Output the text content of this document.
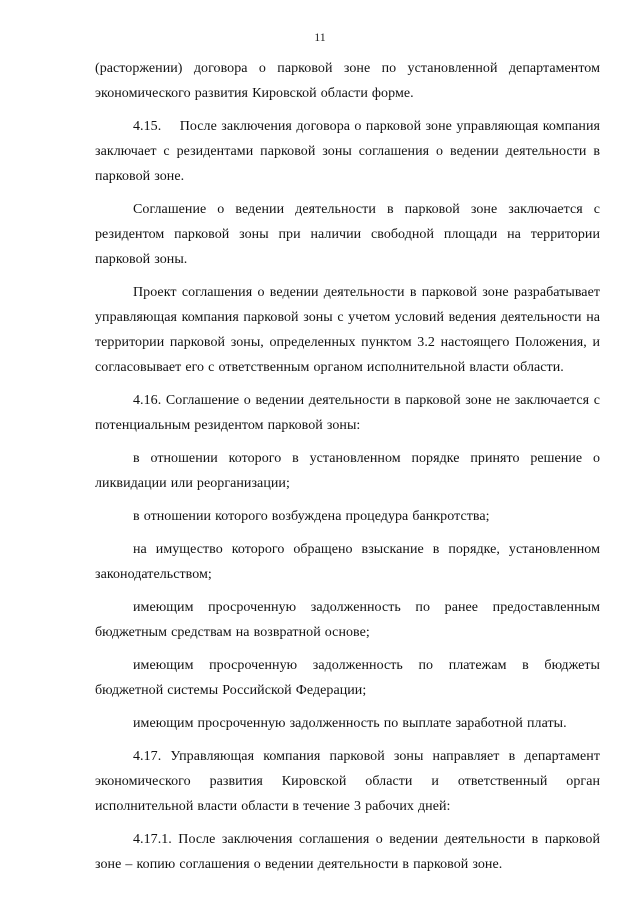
11

(расторжении) договора о парковой зоне по установленной департаментом экономического развития Кировской области форме.

4.15.  После заключения договора о парковой зоне управляющая компания заключает с резидентами парковой зоны соглашения о ведении деятельности в парковой зоне.

Соглашение о ведении деятельности в парковой зоне заключается с резидентом парковой зоны при наличии свободной площади на территории парковой зоны.

Проект соглашения о ведении деятельности в парковой зоне разрабатывает управляющая компания парковой зоны с учетом условий ведения деятельности на территории парковой зоны, определенных пунктом 3.2 настоящего Положения, и согласовывает его с ответственным органом исполнительной власти области.

4.16. Соглашение о ведении деятельности в парковой зоне не заключается с потенциальным резидентом парковой зоны:

в отношении которого в установленном порядке принято решение о ликвидации или реорганизации;

в отношении которого возбуждена процедура банкротства;

на имущество которого обращено взыскание в порядке, установленном законодательством;

имеющим просроченную задолженность по ранее предоставленным бюджетным средствам на возвратной основе;

имеющим просроченную задолженность по платежам в бюджеты бюджетной системы Российской Федерации;

имеющим просроченную задолженность по выплате заработной платы.

4.17. Управляющая компания парковой зоны направляет в департамент экономического развития Кировской области и ответственный орган исполнительной власти области в течение 3 рабочих дней:

4.17.1. После заключения соглашения о ведении деятельности в парковой зоне – копию соглашения о ведении деятельности в парковой зоне.
